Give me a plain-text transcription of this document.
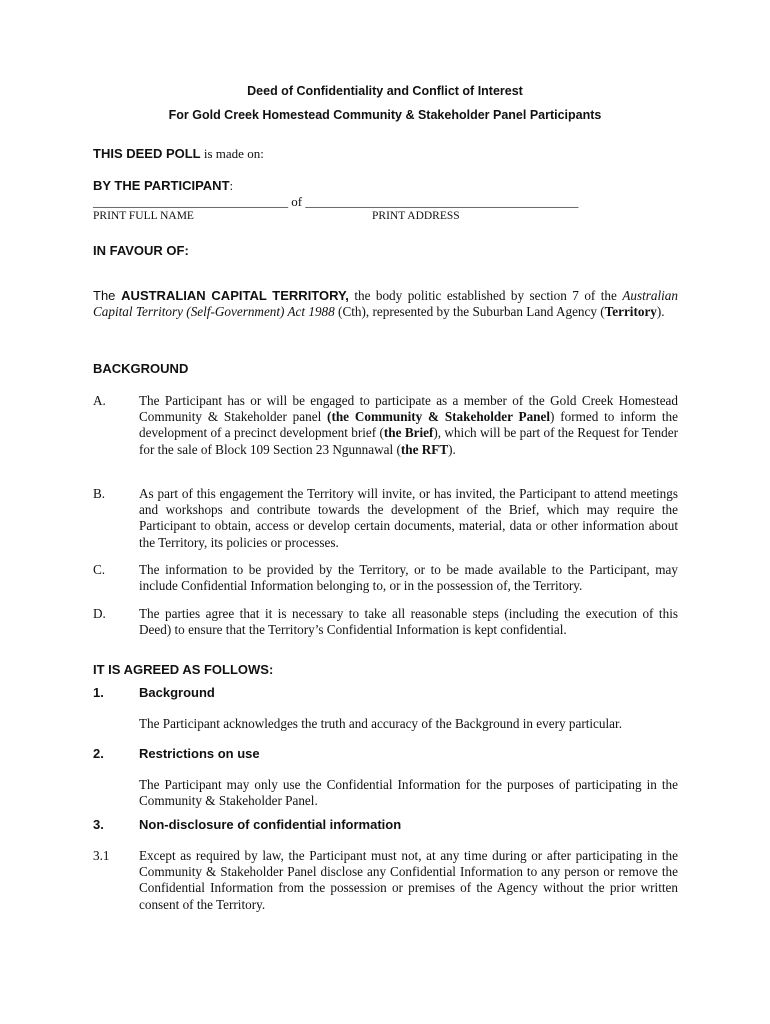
Deed of Confidentiality and Conflict of Interest
For Gold Creek Homestead Community & Stakeholder Panel Participants
THIS DEED POLL is made on:
BY THE PARTICIPANT:
______________________________ of __________________________________________
PRINT FULL NAME	PRINT ADDRESS
IN FAVOUR OF:
The AUSTRALIAN CAPITAL TERRITORY, the body politic established by section 7 of the Australian Capital Territory (Self-Government) Act 1988 (Cth), represented by the Suburban Land Agency (Territory).
BACKGROUND
A.	The Participant has or will be engaged to participate as a member of the Gold Creek Homestead Community & Stakeholder panel (the Community & Stakeholder Panel) formed to inform the development of a precinct development brief (the Brief), which will be part of the Request for Tender for the sale of Block 109 Section 23 Ngunnawal (the RFT).
B.	As part of this engagement the Territory will invite, or has invited, the Participant to attend meetings and workshops and contribute towards the development of the Brief, which may require the Participant to obtain, access or develop certain documents, material, data or other information about the Territory, its policies or processes.
C.	The information to be provided by the Territory, or to be made available to the Participant, may include Confidential Information belonging to, or in the possession of, the Territory.
D.	The parties agree that it is necessary to take all reasonable steps (including the execution of this Deed) to ensure that the Territory’s Confidential Information is kept confidential.
IT IS AGREED AS FOLLOWS:
1.	Background
The Participant acknowledges the truth and accuracy of the Background in every particular.
2.	Restrictions on use
The Participant may only use the Confidential Information for the purposes of participating in the Community & Stakeholder Panel.
3.	Non-disclosure of confidential information
3.1 Except as required by law, the Participant must not, at any time during or after participating in the Community & Stakeholder Panel disclose any Confidential Information to any person or remove the Confidential Information from the possession or premises of the Agency without the prior written consent of the Territory.
